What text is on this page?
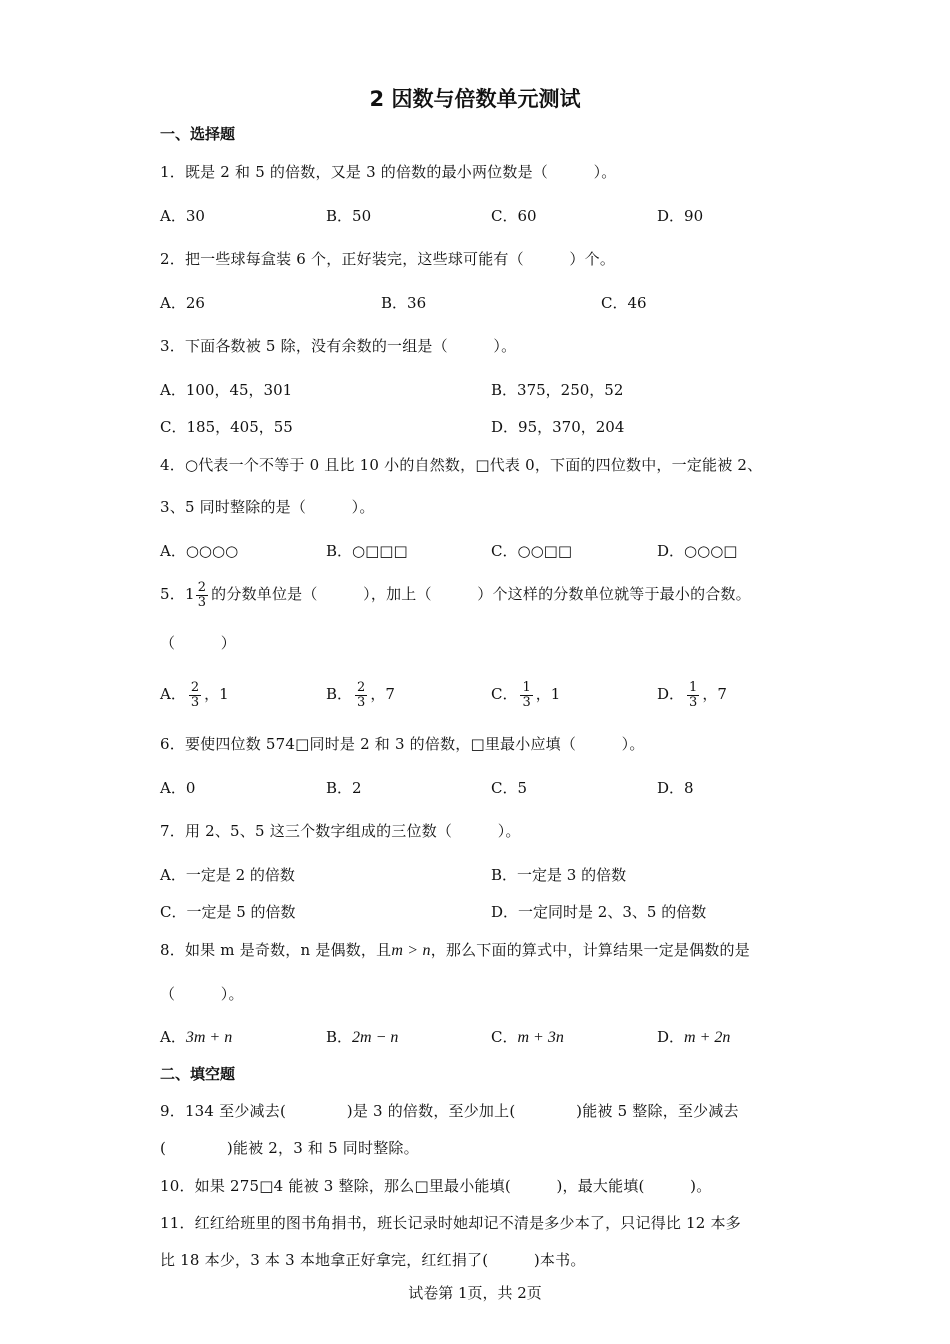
2 因数与倍数单元测试
一、选择题
1．既是 2 和 5 的倍数，又是 3 的倍数的最小两位数是（　　　）。
A．30	B．50	C．60	D．90
2．把一些球每盒装 6 个，正好装完，这些球可能有（　　　）个。
A．26	B．36	C．46
3．下面各数被 5 除，没有余数的一组是（　　　）。
A．100，45，301	B．375，250，52
C．185，405，55	D．95，370，204
4．○代表一个不等于 0 且比 10 小的自然数，□代表 0，下面的四位数中，一定能被 2、
3、5 同时整除的是（　　　）。
A．○○○○	B．○□□□	C．○○□□	D．○○○□
5．$1 \frac{2}{3}$ 的分数单位是（　　　），加上（　　　）个这样的分数单位就等于最小的合数。
（　　　）
A． $\frac{2}{3}$ ，1	B． $\frac{2}{3}$ ，7	C． $\frac{1}{3}$ ，1	D． $\frac{1}{3}$ ，7
6．要使四位数 574□同时是 2 和 3 的倍数，□里最小应填（　　　）。
A．0	B．2	C．5	D．8
7．用 2、5、5 这三个数字组成的三位数（　　　）。
A．一定是 2 的倍数	B．一定是 3 的倍数
C．一定是 5 的倍数	D．一定同时是 2、3、5 的倍数
8．如果 m 是奇数，n 是偶数，且m > n，那么下面的算式中，计算结果一定是偶数的是
（　　　）。
A．3m + n	B．2m − n	C．m + 3n	D．m + 2n
二、填空题
9．134 至少减去(　　　　)是 3 的倍数，至少加上(　　　　)能被 5 整除，至少减去
(　　　　)能被 2，3 和 5 同时整除。
10．如果 275□4 能被 3 整除，那么□里最小能填(　　　)，最大能填(　　　)。
11．红红给班里的图书角捐书，班长记录时她却记不清是多少本了，只记得比 12 本多
比 18 本少，3 本 3 本地拿正好拿完，红红捐了(　　　)本书。
试卷第 1页，共 2页
